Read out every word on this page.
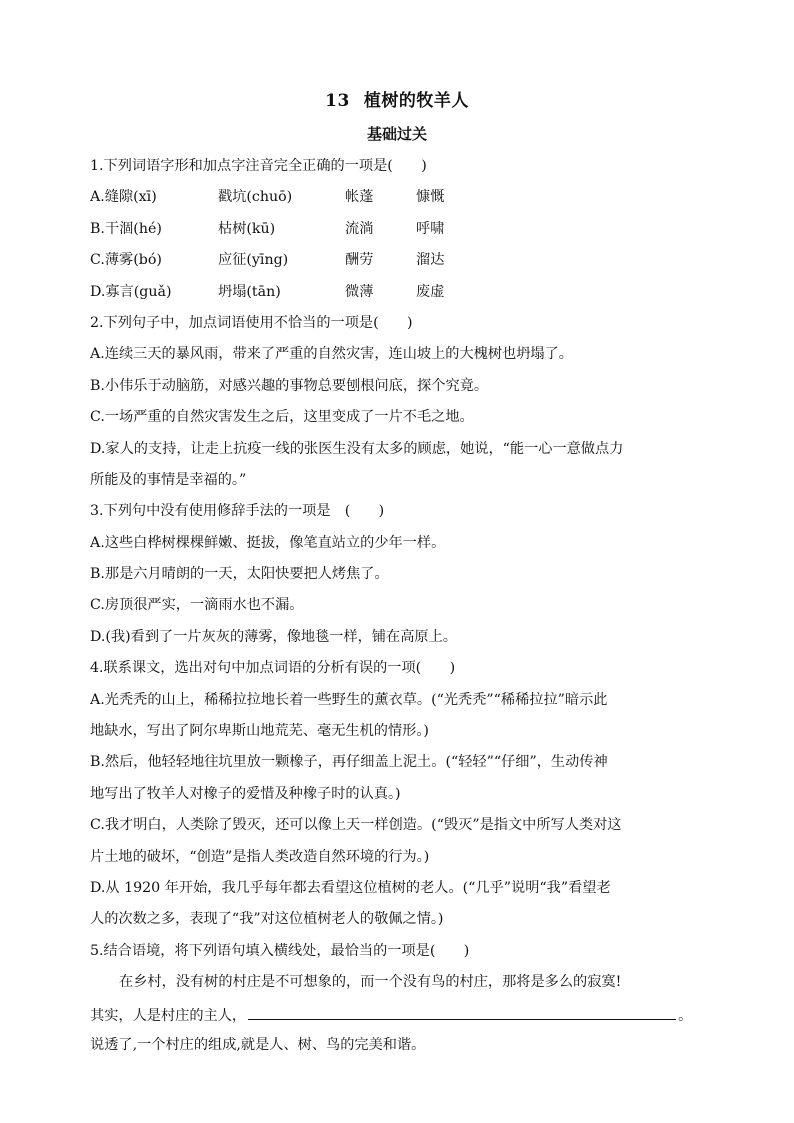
13 植树的牧羊人
基础过关
1.下列词语字形和加点字注音完全正确的一项是(　　)
A.缝隙(xī)	戳坑(chuō)	帐蓬	慷慨
B.干涸(hé)	枯树(kū)	流淌	呼啸
C.薄雾(bó)	应征(yīng)	酬劳	溜达
D.寡言(guǎ)	坍塌(tān)	微薄	废虚
2.下列句子中，加点词语使用不恰当的一项是(　　)
A.连续三天的暴风雨，带来了严重的自然灾害，连山坡上的大槐树也坍塌了。
B.小伟乐于动脑筋，对感兴趣的事物总要刨根问底，探个究竟。
C.一场严重的自然灾害发生之后，这里变成了一片不毛之地。
D.家人的支持，让走上抗疫一线的张医生没有太多的顾虑，她说，“能一心一意做点力
所能及的事情是幸福的。”
3.下列句中没有使用修辞手法的一项是　(　　)
A.这些白桦树棵棵鲜嫩、挺拔，像笔直站立的少年一样。
B.那是六月晴朗的一天，太阳快要把人烤焦了。
C.房顶很严实，一滴雨水也不漏。
D.(我)看到了一片灰灰的薄雾，像地毯一样，铺在高原上。
4.联系课文，选出对句中加点词语的分析有误的一项(　　)
A.光秃秃的山上，稀稀拉拉地长着一些野生的薰衣草。(“光秃秃”“稀稀拉拉”暗示此
地缺水，写出了阿尔卑斯山地荒芜、毫无生机的情形。)
B.然后，他轻轻地往坑里放一颗橡子，再仔细盖上泥土。(“轻轻”“仔细”，生动传神
地写出了牧羊人对橡子的爱惜及种橡子时的认真。)
C.我才明白，人类除了毁灭，还可以像上天一样创造。(“毁灭”是指文中所写人类对这
片土地的破坏，“创造”是指人类改造自然环境的行为。)
D.从 1920 年开始，我几乎每年都去看望这位植树的老人。(“几乎”说明“我”看望老
人的次数之多，表现了“我”对这位植树老人的敬佩之情。)
5.结合语境，将下列语句填入横线处，最恰当的一项是(　　)
在乡村，没有树的村庄是不可想象的，而一个没有鸟的村庄，那将是多么的寂寞!
其实，人是村庄的主人，	。
说透了,一个村庄的组成,就是人、树、鸟的完美和谐。
